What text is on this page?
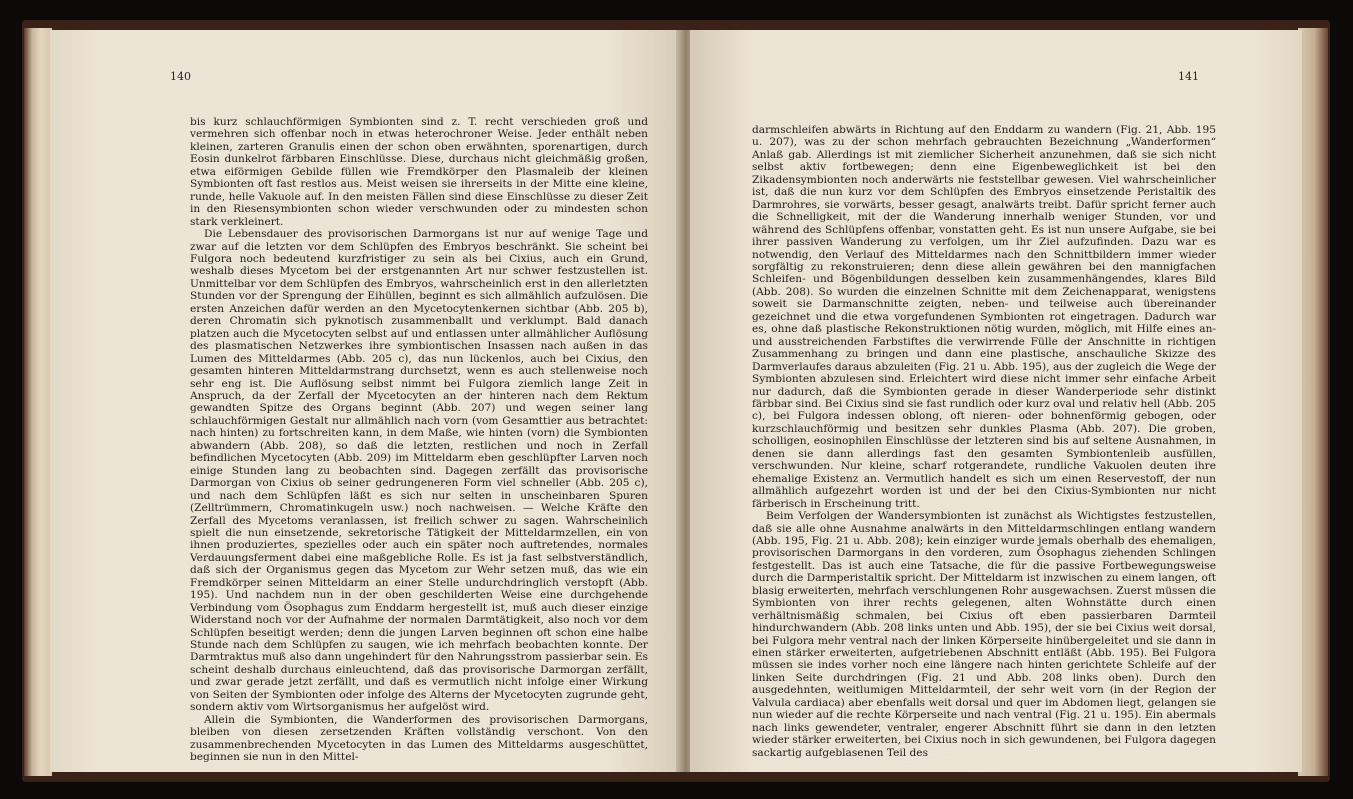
bis kurz schlauchförmigen Symbionten sind z. T. recht verschieden groß und vermehren sich offenbar noch in etwas heterochroner Weise. Jeder enthält neben kleinen, zarteren Granulis einen der schon oben erwähnten, sporenartigen, durch Eosin dunkelrot färbbaren Einschlüsse. Diese, durchaus nicht gleichmäßig großen, etwa eiförmigen Gebilde füllen wie Fremdkörper den Plasmaleib der kleinen Symbionten oft fast restlos aus. Meist weisen sie ihrerseits in der Mitte eine kleine, runde, helle Vakuole auf. In den meisten Fällen sind diese Einschlüsse zu dieser Zeit in den Riesensymbionten schon wieder verschwunden oder zu mindesten schon stark verkleinert.

Die Lebensdauer des provisorischen Darmorgans ist nur auf wenige Tage und zwar auf die letzten vor dem Schlüpfen des Embryos beschränkt. Sie scheint bei Fulgora noch bedeutend kurzfristiger zu sein als bei Cixius, auch ein Grund, weshalb dieses Mycetom bei der erstgenannten Art nur schwer festzustellen ist. Unmittelbar vor dem Schlüpfen des Embryos, wahrscheinlich erst in den allerletzten Stunden vor der Sprengung der Eihüllen, beginnt es sich allmählich aufzulösen. Die ersten Anzeichen dafür werden an den Mycetocytenkernen sichtbar (Abb. 205 b), deren Chromatin sich pyknotisch zusammenballt und verklumpt. Bald danach platzen auch die Mycetocyten selbst auf und entlassen unter allmählicher Auflösung des plasmatischen Netzwerkes ihre symbiontischen Insassen nach außen in das Lumen des Mitteldarmes (Abb. 205 c), das nun lückenlos, auch bei Cixius, den gesamten hinteren Mitteldarmstrang durchsetzt, wenn es auch stellenweise noch sehr eng ist. Die Auflösung selbst nimmt bei Fulgora ziemlich lange Zeit in Anspruch, da der Zerfall der Mycetocyten an der hinteren nach dem Rektum gewandten Spitze des Organs beginnt (Abb. 207) und wegen seiner lang schlauchförmigen Gestalt nur allmählich nach vorn (vom Gesamttier aus betrachtet: nach hinten) zu fortschreiten kann, in dem Maße, wie hinten (vorn) die Symbionten abwandern (Abb. 208), so daß die letzten, restlichen und noch in Zerfall befindlichen Mycetocyten (Abb. 209) im Mitteldarm eben geschlüpfter Larven noch einige Stunden lang zu beobachten sind. Dagegen zerfällt das provisorische Darmorgan von Cixius ob seiner gedrungeneren Form viel schneller (Abb. 205 c), und nach dem Schlüpfen läßt es sich nur selten in unscheinbaren Spuren (Zelltrümmern, Chromatinkugeln usw.) noch nachweisen. — Welche Kräfte den Zerfall des Mycetoms veranlassen, ist freilich schwer zu sagen. Wahrscheinlich spielt die nun einsetzende, sekretorische Tätigkeit der Mitteldarmzellen, ein von ihnen produziertes, spezielles oder auch ein später noch auftretendes, normales Verdauungsferment dabei eine maßgebliche Rolle. Es ist ja fast selbstverständlich, daß sich der Organismus gegen das Mycetom zur Wehr setzen muß, das wie ein Fremdkörper seinen Mitteldarm an einer Stelle undurchdringlich verstopft (Abb. 195). Und nachdem nun in der oben geschilderten Weise eine durchgehende Verbindung vom Ösophagus zum Enddarm hergestellt ist, muß auch dieser einzige Widerstand noch vor der Aufnahme der normalen Darmtätigkeit, also noch vor dem Schlüpfen beseitigt werden; denn die jungen Larven beginnen oft schon eine halbe Stunde nach dem Schlüpfen zu saugen, wie ich mehrfach beobachten konnte. Der Darmtraktus muß also dann ungehindert für den Nahrungsstrom passierbar sein. Es scheint deshalb durchaus einleuchtend, daß das provisorische Darmorgan zerfällt, und zwar gerade jetzt zerfällt, und daß es vermutlich nicht infolge einer Wirkung von Seiten der Symbionten oder infolge des Alterns der Mycetocyten zugrunde geht, sondern aktiv vom Wirtsorganismus her aufgelöst wird.

Allein die Symbionten, die Wanderformen des provisorischen Darmorgans, bleiben von diesen zersetzenden Kräften vollständig verschont. Von den zusammenbrechenden Mycetocyten in das Lumen des Mitteldarms ausgeschüttet, beginnen sie nun in den Mittel-

darmschleifen abwärts in Richtung auf den Enddarm zu wandern (Fig. 21, Abb. 195 u. 207), was zu der schon mehrfach gebrauchten Bezeichnung „Wanderformen“ Anlaß gab. Allerdings ist mit ziemlicher Sicherheit anzunehmen, daß sie sich nicht selbst aktiv fortbewegen; denn eine Eigenbeweglichkeit ist bei den Zikadensymbionten noch anderwärts nie feststellbar gewesen. Viel wahrscheinlicher ist, daß die nun kurz vor dem Schlüpfen des Embryos einsetzende Peristaltik des Darmrohres, sie vorwärts, besser gesagt, analwärts treibt. Dafür spricht ferner auch die Schnelligkeit, mit der die Wanderung innerhalb weniger Stunden, vor und während des Schlüpfens offenbar, vonstatten geht. Es ist nun unsere Aufgabe, sie bei ihrer passiven Wanderung zu verfolgen, um ihr Ziel aufzufinden. Dazu war es notwendig, den Verlauf des Mitteldarmes nach den Schnittbildern immer wieder sorgfältig zu rekonstruieren; denn diese allein gewähren bei den mannigfachen Schleifen- und Bögenbildungen desselben kein zusammenhängendes, klares Bild (Abb. 208). So wurden die einzelnen Schnitte mit dem Zeichenapparat, wenigstens soweit sie Darmanschnitte zeigten, neben- und teilweise auch übereinander gezeichnet und die etwa vorgefundenen Symbionten rot eingetragen. Dadurch war es, ohne daß plastische Rekonstruktionen nötig wurden, möglich, mit Hilfe eines an- und ausstreichenden Farbstiftes die verwirrende Fülle der Anschnitte in richtigen Zusammenhang zu bringen und dann eine plastische, anschauliche Skizze des Darmverlaufes daraus abzuleiten (Fig. 21 u. Abb. 195), aus der zugleich die Wege der Symbionten abzulesen sind. Erleichtert wird diese nicht immer sehr einfache Arbeit nur dadurch, daß die Symbionten gerade in dieser Wanderperiode sehr distinkt färbbar sind. Bei Cixius sind sie fast rundlich oder kurz oval und relativ hell (Abb. 205 c), bei Fulgora indessen oblong, oft nieren- oder bohnenförmig gebogen, oder kurzschlauchförmig und besitzen sehr dunkles Plasma (Abb. 207). Die groben, scholligen, eosinophilen Einschlüsse der letzteren sind bis auf seltene Ausnahmen, in denen sie dann allerdings fast den gesamten Symbiontenleib ausfüllen, verschwunden. Nur kleine, scharf rotgerandete, rundliche Vakuolen deuten ihre ehemalige Existenz an. Vermutlich handelt es sich um einen Reservestoff, der nun allmählich aufgezehrt worden ist und der bei den Cixius-Symbionten nur nicht färberisch in Erscheinung tritt.

Beim Verfolgen der Wandersymbionten ist zunächst als Wichtigstes festzustellen, daß sie alle ohne Ausnahme analwärts in den Mitteldarmschlingen entlang wandern (Abb. 195, Fig. 21 u. Abb. 208); kein einziger wurde jemals oberhalb des ehemaligen, provisorischen Darmorgans in den vorderen, zum Ösophagus ziehenden Schlingen festgestellt. Das ist auch eine Tatsache, die für die passive Fortbewegungsweise durch die Darmperistaltik spricht. Der Mitteldarm ist inzwischen zu einem langen, oft blasig erweiterten, mehrfach verschlungenen Rohr ausgewachsen. Zuerst müssen die Symbionten von ihrer rechts gelegenen, alten Wohnstätte durch einen verhältnismäßig schmalen, bei Cixius oft eben passierbaren Darmteil hindurchwandern (Abb. 208 links unten und Abb. 195), der sie bei Cixius weit dorsal, bei Fulgora mehr ventral nach der linken Körperseite hinübergeleitet und sie dann in einen stärker erweiterten, aufgetriebenen Abschnitt entläßt (Abb. 195). Bei Fulgora müssen sie indes vorher noch eine längere nach hinten gerichtete Schleife auf der linken Seite durchdringen (Fig. 21 und Abb. 208 links oben). Durch den ausgedehnten, weitlumigen Mitteldarmteil, der sehr weit vorn (in der Region der Valvula cardiaca) aber ebenfalls weit dorsal und quer im Abdomen liegt, gelangen sie nun wieder auf die rechte Körperseite und nach ventral (Fig. 21 u. 195). Ein abermals nach links gewendeter, ventraler, engerer Abschnitt führt sie dann in den letzten wieder stärker erweiterten, bei Cixius noch in sich gewundenen, bei Fulgora dagegen sackartig aufgeblasenen Teil des

140	141
